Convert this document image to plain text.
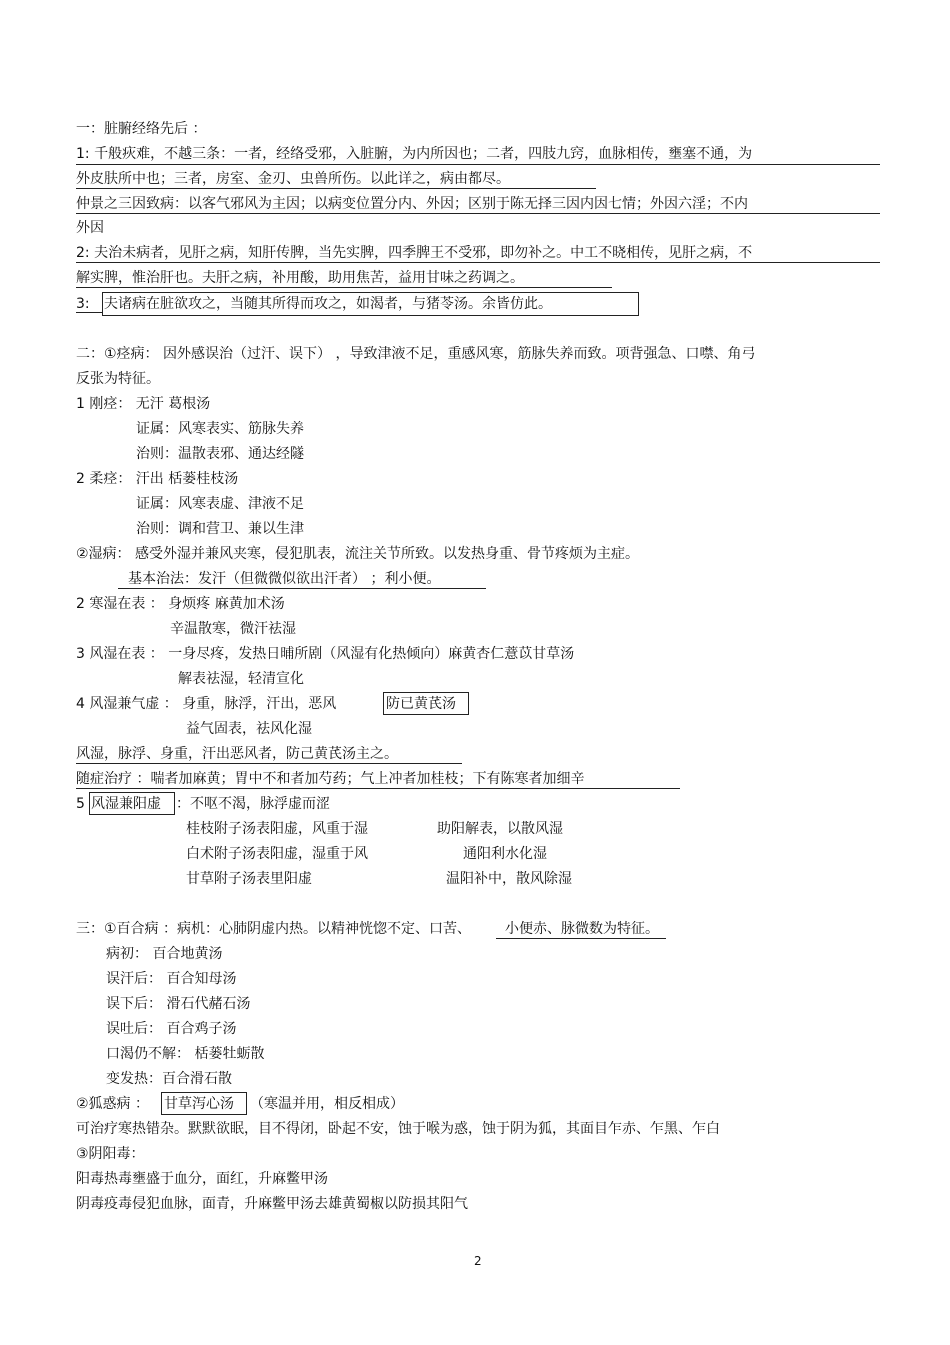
一：脏腑经络先后 ：
1: 千般疢难，不越三条：一者，经络受邪，入脏腑，为内所因也；二者，四肢九窍，血脉相传，壅塞不通，为
外皮肤所中也；三者，房室、金刃、虫兽所伤。以此详之，病由都尽。
仲景之三因致病：以客气邪风为主因；以病变位置分内、外因；区别于陈无择三因内因七情；外因六淫；不内
外因
2: 夫治未病者，见肝之病，知肝传脾，当先实脾，四季脾王不受邪，即勿补之。中工不晓相传，见肝之病，不
解实脾，惟治肝也。夫肝之病，补用酸，助用焦苦，益用甘味之药调之。
3: 夫诸病在脏欲攻之，当随其所得而攻之，如渴者，与猪苓汤。余皆仿此。
二：①痉病： 因外感误治（过汗、误下） ，导致津液不足，重感风寒，筋脉失养而致。项背强急、口噤、角弓
反张为特征。
1 刚痉： 无汗 葛根汤
证属：风寒表实、筋脉失养
治则：温散表邪、通达经隧
2 柔痉： 汗出 栝蒌桂枝汤
证属：风寒表虚、津液不足
治则：调和营卫、兼以生津
②湿病： 感受外湿并兼风夹寒，侵犯肌表，流注关节所致。以发热身重、骨节疼烦为主症。
基本治法：发汗（但微微似欲出汗者） ；利小便。
2 寒湿在表 ： 身烦疼 麻黄加术汤
辛温散寒，微汗祛湿
3 风湿在表 ： 一身尽疼，发热日晡所剧（风湿有化热倾向）麻黄杏仁薏苡甘草汤
解表祛湿，轻清宣化
4 风湿兼气虚 ： 身重，脉浮，汗出，恶风	防已黄芪汤
益气固表，祛风化湿
风湿，脉浮、身重，汗出恶风者，防己黄芪汤主之。
随症治疗 ：喘者加麻黄；胃中不和者加芍药；气上冲者加桂枝；下有陈寒者加细辛
5 风湿兼阳虚 ：不呕不渴，脉浮虚而涩
桂枝附子汤表阳虚，风重于湿	助阳解表，以散风湿
白术附子汤表阳虚，湿重于风	通阳利水化湿
甘草附子汤表里阳虚	温阳补中，散风除湿
三：①百合病 ：病机：心肺阴虚内热。以精神恍惚不定、口苦、 小便赤、脉微数为特征。
病初： 百合地黄汤
误汗后： 百合知母汤
误下后： 滑石代赭石汤
误吐后： 百合鸡子汤
口渴仍不解： 栝蒌牡蛎散
变发热：百合滑石散
②狐惑病 ： 甘草泻心汤 （寒温并用，相反相成）
可治疗寒热错杂。默默欲眠，目不得闭，卧起不安，蚀于喉为惑，蚀于阴为狐，其面目乍赤、乍黑、乍白
③阴阳毒：
阳毒热毒壅盛于血分，面红，升麻鳖甲汤
阴毒疫毒侵犯血脉，面青，升麻鳖甲汤去雄黄蜀椒以防损其阳气
2
